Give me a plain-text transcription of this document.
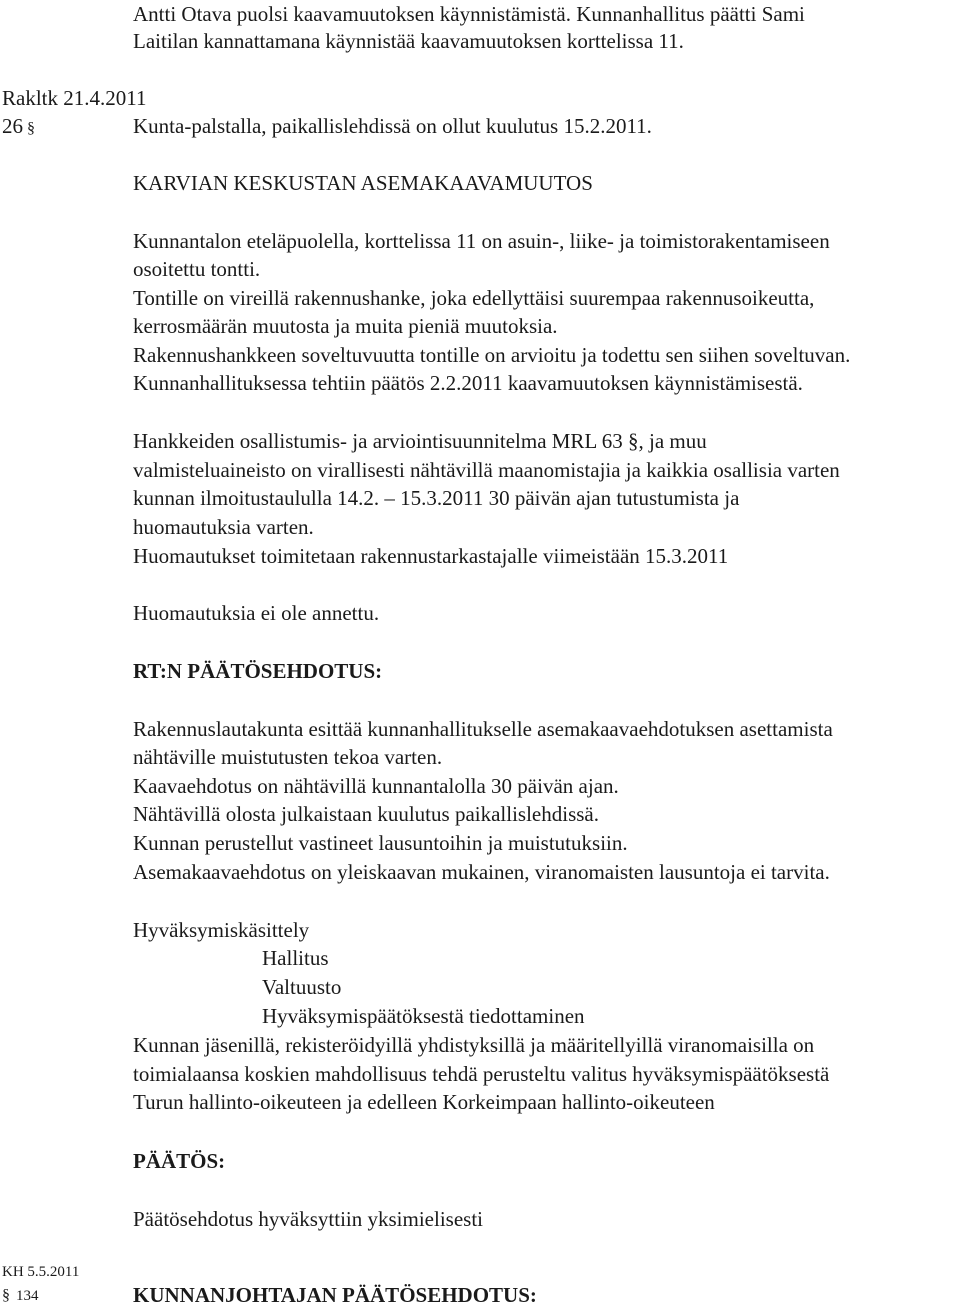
Antti Otava puolsi kaavamuutoksen käynnistämistä. Kunnanhallitus päätti Sami
Laitilan kannattamana käynnistää kaavamuutoksen korttelissa 11.
Rakltk 21.4.2011
26 §	Kunta-palstalla, paikallislehdissä on ollut kuulutus 15.2.2011.
KARVIAN KESKUSTAN ASEMAKAAVAMUUTOS
Kunnantalon eteläpuolella, korttelissa 11 on asuin-, liike- ja toimistorakentamiseen
osoitettu tontti.
Tontille on vireillä rakennushanke, joka edellyttäisi suurempaa rakennusoikeutta,
kerrosmäärän muutosta ja muita pieniä muutoksia.
Rakennushankkeen soveltuvuutta tontille on arvioitu ja todettu sen siihen soveltuvan.
Kunnanhallituksessa tehtiin päätös 2.2.2011 kaavamuutoksen käynnistämisestä.
Hankkeiden osallistumis- ja arviointisuunnitelma MRL 63 §, ja muu
valmisteluaineisto on virallisesti nähtävillä maanomistajia ja kaikkia osallisia varten
kunnan ilmoitustaululla 14.2. – 15.3.2011 30 päivän ajan tutustumista ja
huomautuksia varten.
Huomautukset toimitetaan rakennustarkastajalle viimeistään 15.3.2011
Huomautuksia ei ole annettu.
RT:N PÄÄTÖSEHDOTUS:
Rakennuslautakunta esittää kunnanhallitukselle asemakaavaehdotuksen asettamista
nähtäville muistutusten tekoa varten.
Kaavaehdotus on nähtävillä kunnantalolla 30 päivän ajan.
Nähtävillä olosta julkaistaan kuulutus paikallislehdissä.
Kunnan perustellut vastineet lausuntoihin ja muistutuksiin.
Asemakaavaehdotus on yleiskaavan mukainen, viranomaisten lausuntoja ei tarvita.
Hyväksymiskäsittely
Hallitus
Valtuusto
Hyväksymispäätöksestä tiedottaminen
Kunnan jäsenillä, rekisteröidyillä yhdistyksillä ja määritellyillä viranomaisilla on
toimialaansa koskien mahdollisuus tehdä perusteltu valitus hyväksymispäätöksestä
Turun hallinto-oikeuteen ja edelleen Korkeimpaan hallinto-oikeuteen
PÄÄTÖS:
Päätösehdotus hyväksyttiin yksimielisesti
KH 5.5.2011
§ 134	KUNNANJOHTAJAN PÄÄTÖSEHDOTUS:
